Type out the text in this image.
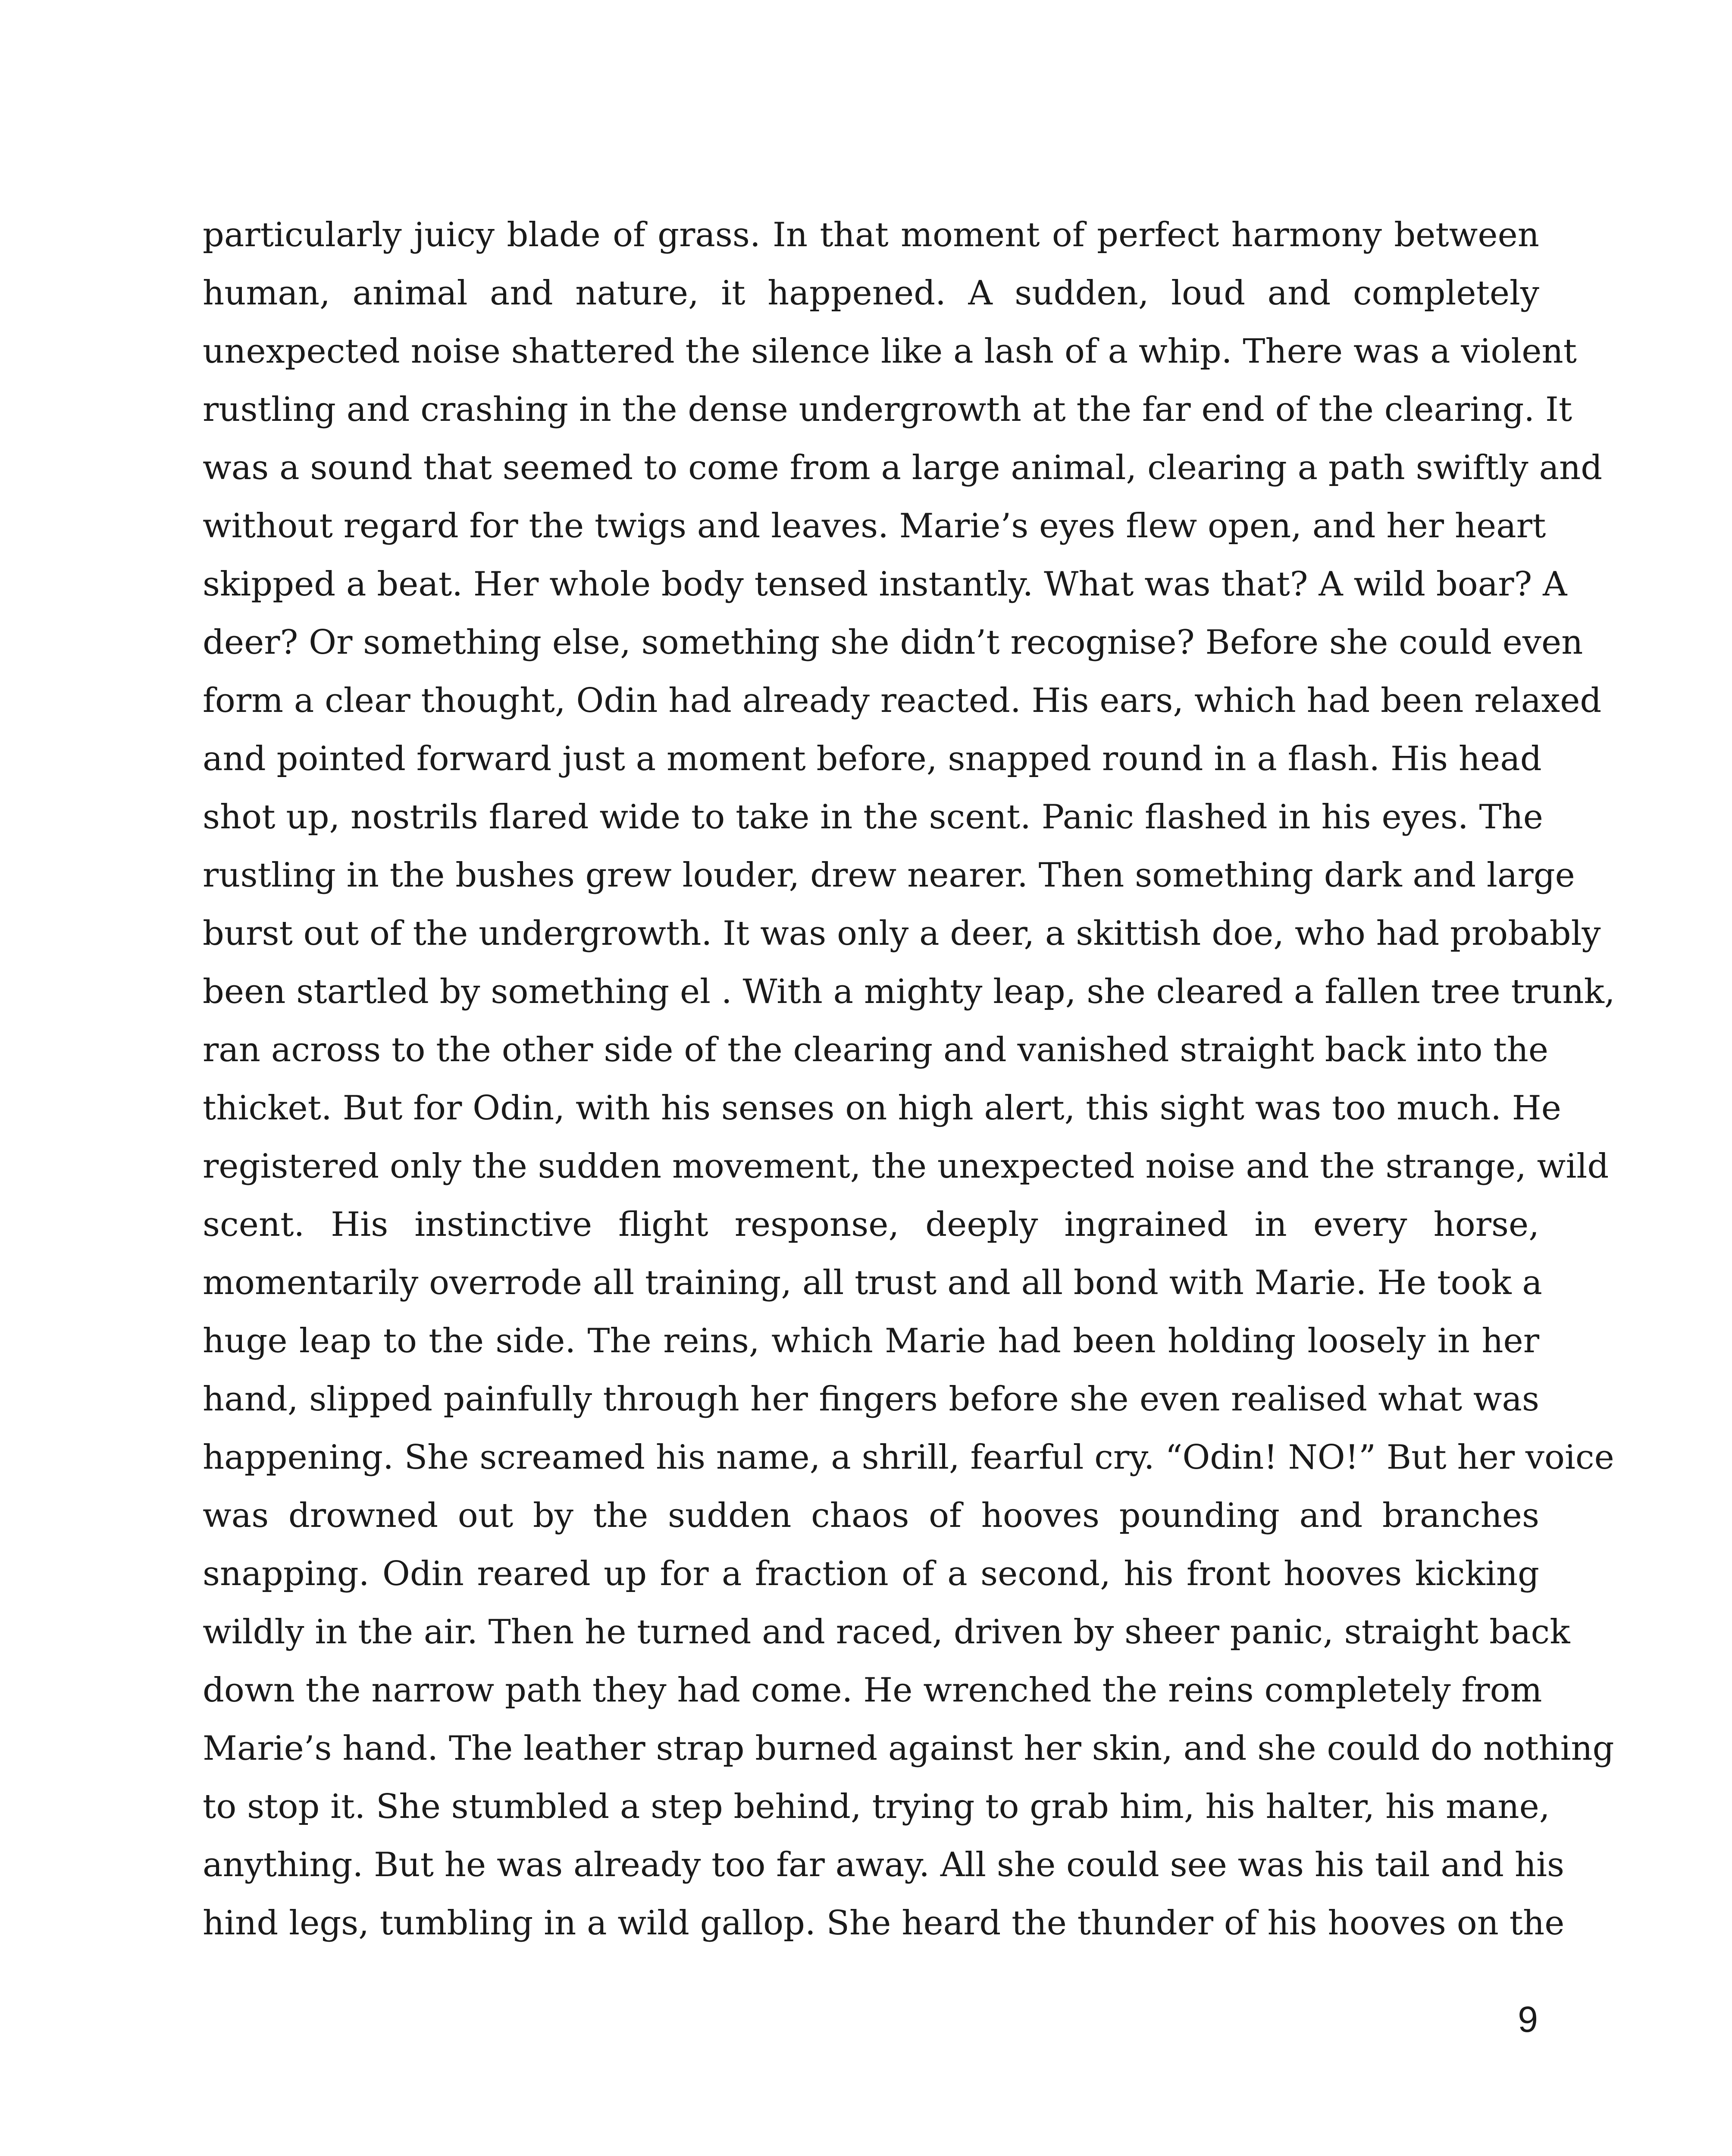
particularly juicy blade of grass. In that moment of perfect harmony between
human, animal and nature, it happened. A sudden, loud and completely
unexpected noise shattered the silence like a lash of a whip. There was a violent
rustling and crashing in the dense undergrowth at the far end of the clearing. It
was a sound that seemed to come from a large animal, clearing a path swiftly and
without regard for the twigs and leaves. Marie’s eyes flew open, and her heart
skipped a beat. Her whole body tensed instantly. What was that? A wild boar? A
deer? Or something else, something she didn’t recognise? Before she could even
form a clear thought, Odin had already reacted. His ears, which had been relaxed
and pointed forward just a moment before, snapped round in a flash. His head
shot up, nostrils flared wide to take in the scent. Panic flashed in his eyes. The
rustling in the bushes grew louder, drew nearer. Then something dark and large
burst out of the undergrowth. It was only a deer, a skittish doe, who had probably
been startled by something el . With a mighty leap, she cleared a fallen tree trunk,
ran across to the other side of the clearing and vanished straight back into the
thicket. But for Odin, with his senses on high alert, this sight was too much. He
registered only the sudden movement, the unexpected noise and the strange, wild
scent. His instinctive flight response, deeply ingrained in every horse,
momentarily overrode all training, all trust and all bond with Marie. He took a
huge leap to the side. The reins, which Marie had been holding loosely in her
hand, slipped painfully through her fingers before she even realised what was
happening. She screamed his name, a shrill, fearful cry. “Odin! NO!” But her voice
was drowned out by the sudden chaos of hooves pounding and branches
snapping. Odin reared up for a fraction of a second, his front hooves kicking
wildly in the air. Then he turned and raced, driven by sheer panic, straight back
down the narrow path they had come. He wrenched the reins completely from
Marie’s hand. The leather strap burned against her skin, and she could do nothing
to stop it. She stumbled a step behind, trying to grab him, his halter, his mane,
anything. But he was already too far away. All she could see was his tail and his
hind legs, tumbling in a wild gallop. She heard the thunder of his hooves on the
9
